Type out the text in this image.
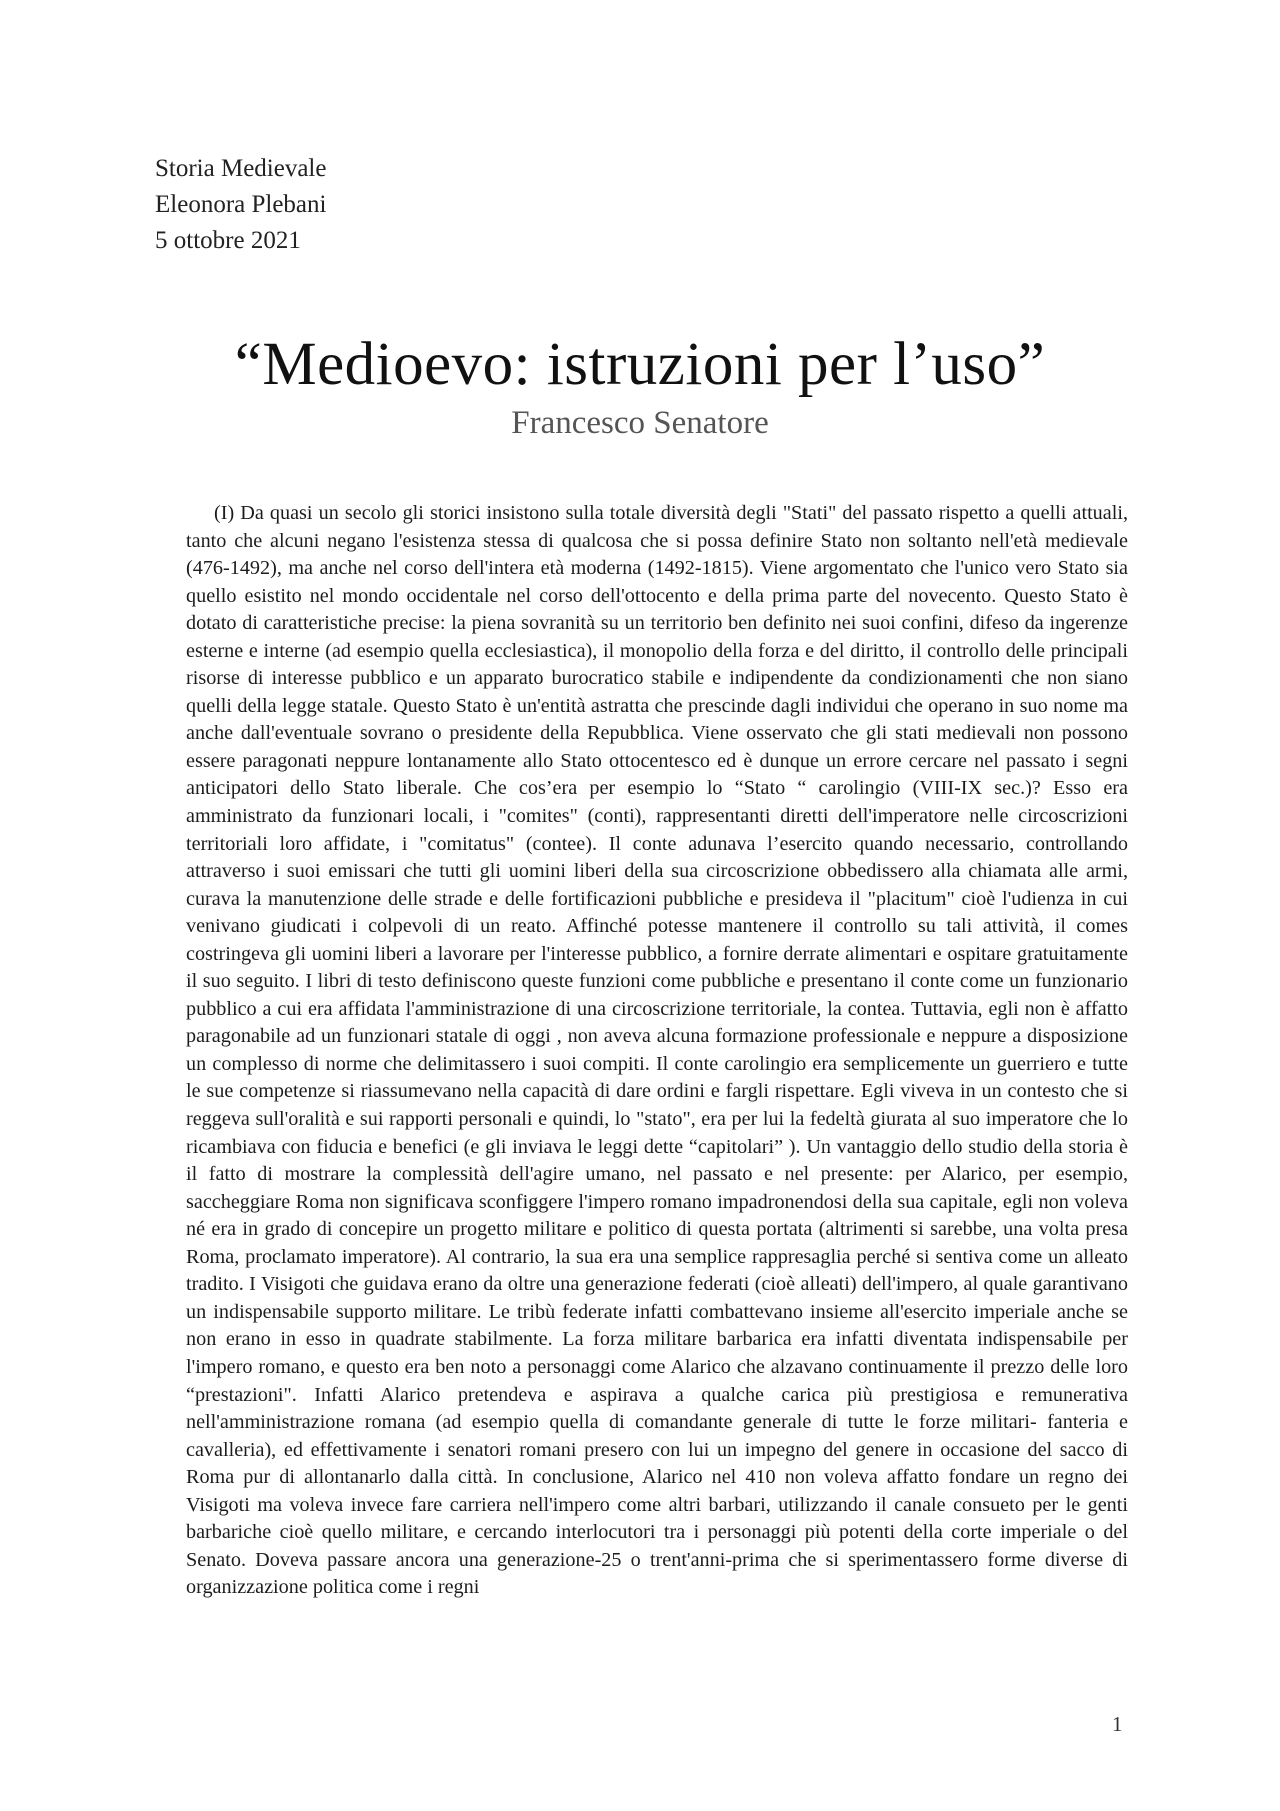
Storia Medievale
Eleonora Plebani
5 ottobre 2021
“Medioevo: istruzioni per l’uso”
Francesco Senatore

(I) Da quasi un secolo gli storici insistono sulla totale diversità degli "Stati" del passato rispetto a quelli attuali, tanto che alcuni negano l'esistenza stessa di qualcosa che si possa definire Stato non soltanto nell'età medievale (476-1492), ma anche nel corso dell'intera età moderna (1492-1815). Viene argomentato che l'unico vero Stato sia quello esistito nel mondo occidentale nel corso dell'ottocento e della prima parte del novecento. Questo Stato è dotato di caratteristiche precise: la piena sovranità su un territorio ben definito nei suoi confini, difeso da ingerenze esterne e interne (ad esempio quella ecclesiastica), il monopolio della forza e del diritto, il controllo delle principali risorse di interesse pubblico e un apparato burocratico stabile e indipendente da condizionamenti che non siano quelli della legge statale. Questo Stato è un'entità astratta che prescinde dagli individui che operano in suo nome ma anche dall'eventuale sovrano o presidente della Repubblica. Viene osservato che gli stati medievali non possono essere paragonati neppure lontanamente allo Stato ottocentesco ed è dunque un errore cercare nel passato i segni anticipatori dello Stato liberale. Che cos’era per esempio lo “Stato “ carolingio (VIII-IX sec.)? Esso era amministrato da funzionari locali, i "comites" (conti), rappresentanti diretti dell'imperatore nelle circoscrizioni territoriali loro affidate, i "comitatus" (contee). Il conte adunava l’esercito quando necessario, controllando attraverso i suoi emissari che tutti gli uomini liberi della sua circoscrizione obbedissero alla chiamata alle armi, curava la manutenzione delle strade e delle fortificazioni pubbliche e presideva il "placitum" cioè l'udienza in cui venivano giudicati i colpevoli di un reato. Affinché potesse mantenere il controllo su tali attività, il comes costringeva gli uomini liberi a lavorare per l'interesse pubblico, a fornire derrate alimentari e ospitare gratuitamente il suo seguito. I libri di testo definiscono queste funzioni come pubbliche e presentano il conte come un funzionario pubblico a cui era affidata l'amministrazione di una circoscrizione territoriale, la contea. Tuttavia, egli non è affatto paragonabile ad un funzionari statale di oggi , non aveva alcuna formazione professionale e neppure a disposizione un complesso di norme che delimitassero i suoi compiti. Il conte carolingio era semplicemente un guerriero e tutte le sue competenze si riassumevano nella capacità di dare ordini e fargli rispettare. Egli viveva in un contesto che si reggeva sull'oralità e sui rapporti personali e quindi, lo "stato", era per lui la fedeltà giurata al suo imperatore che lo ricambiava con fiducia e benefici (e gli inviava le leggi dette “capitolari” ). Un vantaggio dello studio della storia è il fatto di mostrare la complessità dell'agire umano, nel passato e nel presente: per Alarico, per esempio, saccheggiare Roma non significava sconfiggere l'impero romano impadronendosi della sua capitale, egli non voleva né era in grado di concepire un progetto militare e politico di questa portata (altrimenti si sarebbe, una volta presa Roma, proclamato imperatore). Al contrario, la sua era una semplice rappresaglia perché si sentiva come un alleato tradito. I Visigoti che guidava erano da oltre una generazione federati (cioè alleati) dell'impero, al quale garantivano un indispensabile supporto militare. Le tribù federate infatti combattevano insieme all'esercito imperiale anche se non erano in esso in quadrate stabilmente. La forza militare barbarica era infatti diventata indispensabile per l'impero romano, e questo era ben noto a personaggi come Alarico che alzavano continuamente il prezzo delle loro “prestazioni". Infatti Alarico pretendeva e aspirava a qualche carica più prestigiosa e remunerativa nell'amministrazione romana (ad esempio quella di comandante generale di tutte le forze militari- fanteria e cavalleria), ed effettivamente i senatori romani presero con lui un impegno del genere in occasione del sacco di Roma pur di allontanarlo dalla città. In conclusione, Alarico nel 410 non voleva affatto fondare un regno dei Visigoti ma voleva invece fare carriera nell'impero come altri barbari, utilizzando il canale consueto per le genti barbariche cioè quello militare, e cercando interlocutori tra i personaggi più potenti della corte imperiale o del Senato. Doveva passare ancora una generazione-25 o trent'anni-prima che si sperimentassero forme diverse di organizzazione politica come i regni

1
